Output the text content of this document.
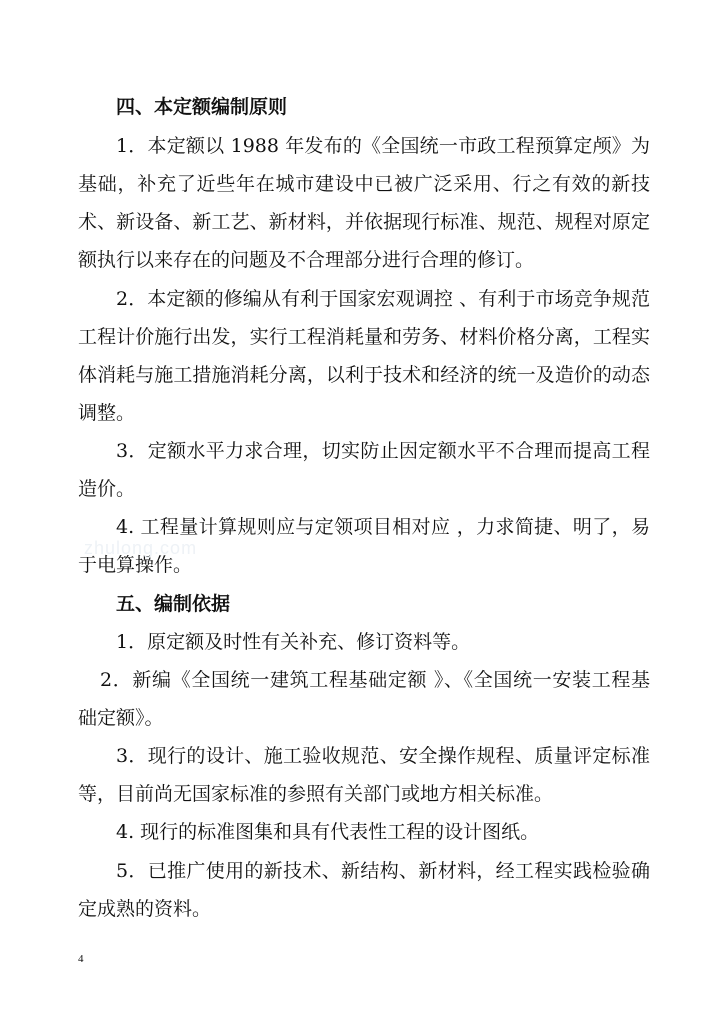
四、本定额编制原则

1．本定额以 1988 年发布的《全国统一市政工程预算定颅》为基础，补充了近些年在城市建设中已被广泛采用、行之有效的新技术、新设备、新工艺、新材料，并依据现行标准、规范、规程对原定额执行以来存在的问题及不合理部分进行合理的修订。

2．本定额的修编从有利于国家宏观调控 、有利于市场竞争规范工程计价施行出发，实行工程消耗量和劳务、材料价格分离，工程实体消耗与施工措施消耗分离，以利于技术和经济的统一及造价的动态调整。

3．定额水平力求合理，切实防止因定额水平不合理而提高工程造价。

4. 工程量计算规则应与定领项目相对应 ，力求简捷、明了，易于电算操作。

zhulong.com

五、编制依据

1．原定额及时性有关补充、修订资料等。

2．新编《全国统一建筑工程基础定额 》、《全国统一安装工程基础定额》。

3．现行的设计、施工验收规范、安全操作规程、质量评定标准等，目前尚无国家标准的参照有关部门或地方相关标准。

4. 现行的标准图集和具有代表性工程的设计图纸。

5．已推广使用的新技术、新结构、新材料，经工程实践检验确定成熟的资料。

4
